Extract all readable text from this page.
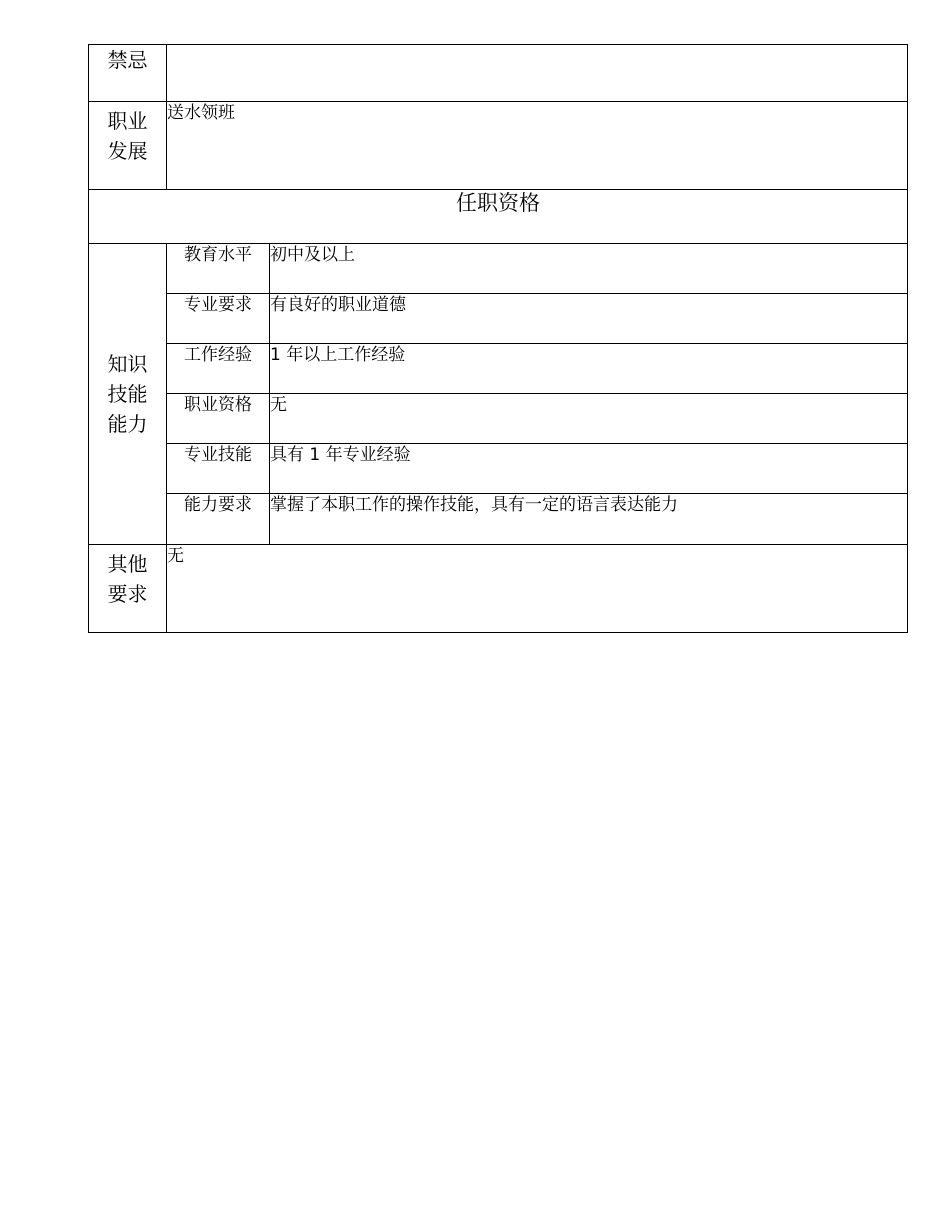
禁忌		

职业
发展	送水领班	
任职资格		

知识
技能
能力	教育水平	初中及以上
	专业要求	有良好的职业道德
	工作经验	1 年以上工作经验
	职业资格	无
	专业技能	具有 1 年专业经验
	能力要求	掌握了本职工作的操作技能，具有一定的语言表达能力

其他
要求	无	
